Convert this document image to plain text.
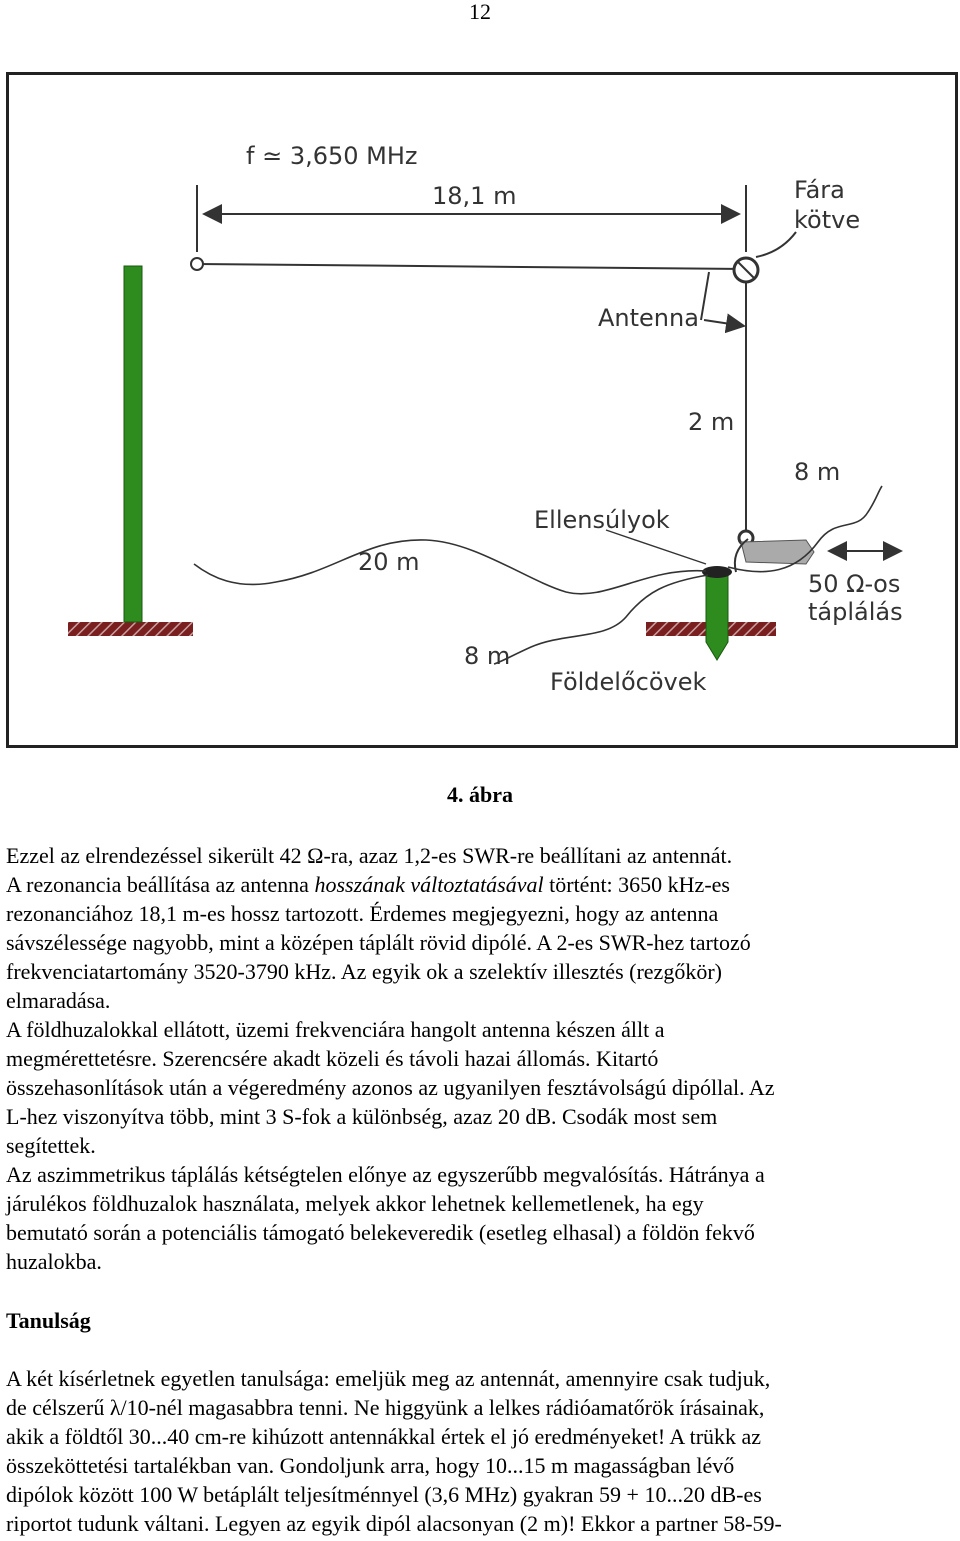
12
f ≃ 3,650 MHz
18,1 m	Fára
kötve
Antenna
2 m
8 m
Ellensúlyok
20 m
8 m
50 Ω-os
táplálás
Földelőcövek
4. ábra

Ezzel az elrendezéssel sikerült 42 Ω-ra, azaz 1,2-es SWR-re beállítani az antennát.

A rezonancia beállítása az antenna hosszának változtatásával történt: 3650 kHz-es

rezonanciához 18,1 m-es hossz tartozott. Érdemes megjegyezni, hogy az antenna

sávszélessége nagyobb, mint a középen táplált rövid dipólé. A 2-es SWR-hez tartozó

frekvenciatartomány 3520-3790 kHz. Az egyik ok a szelektív illesztés (rezgőkör)

elmaradása.

A földhuzalokkal ellátott, üzemi frekvenciára hangolt antenna készen állt a

megmérettetésre. Szerencsére akadt közeli és távoli hazai állomás. Kitartó

összehasonlítások után a végeredmény azonos az ugyanilyen fesztávolságú dipóllal. Az

L-hez viszonyítva több, mint 3 S-fok a különbség, azaz 20 dB. Csodák most sem

segítettek.

Az aszimmetrikus táplálás kétségtelen előnye az egyszerűbb megvalósítás. Hátránya a

járulékos földhuzalok használata, melyek akkor lehetnek kellemetlenek, ha egy

bemutató során a potenciális támogató belekeveredik (esetleg elhasal) a földön fekvő

huzalokba.

Tanulság

A két kísérletnek egyetlen tanulsága: emeljük meg az antennát, amennyire csak tudjuk,

de célszerű λ/10-nél magasabbra tenni. Ne higgyünk a lelkes rádióamatőrök írásainak,

akik a földtől 30...40 cm-re kihúzott antennákkal értek el jó eredményeket! A trükk az

összeköttetési tartalékban van. Gondoljunk arra, hogy 10...15 m magasságban lévő

dipólok között 100 W betáplált teljesítménnyel (3,6 MHz) gyakran 59 + 10...20 dB-es

riportot tudunk váltani. Legyen az egyik dipól alacsonyan (2 m)! Ekkor a partner 58-59-
